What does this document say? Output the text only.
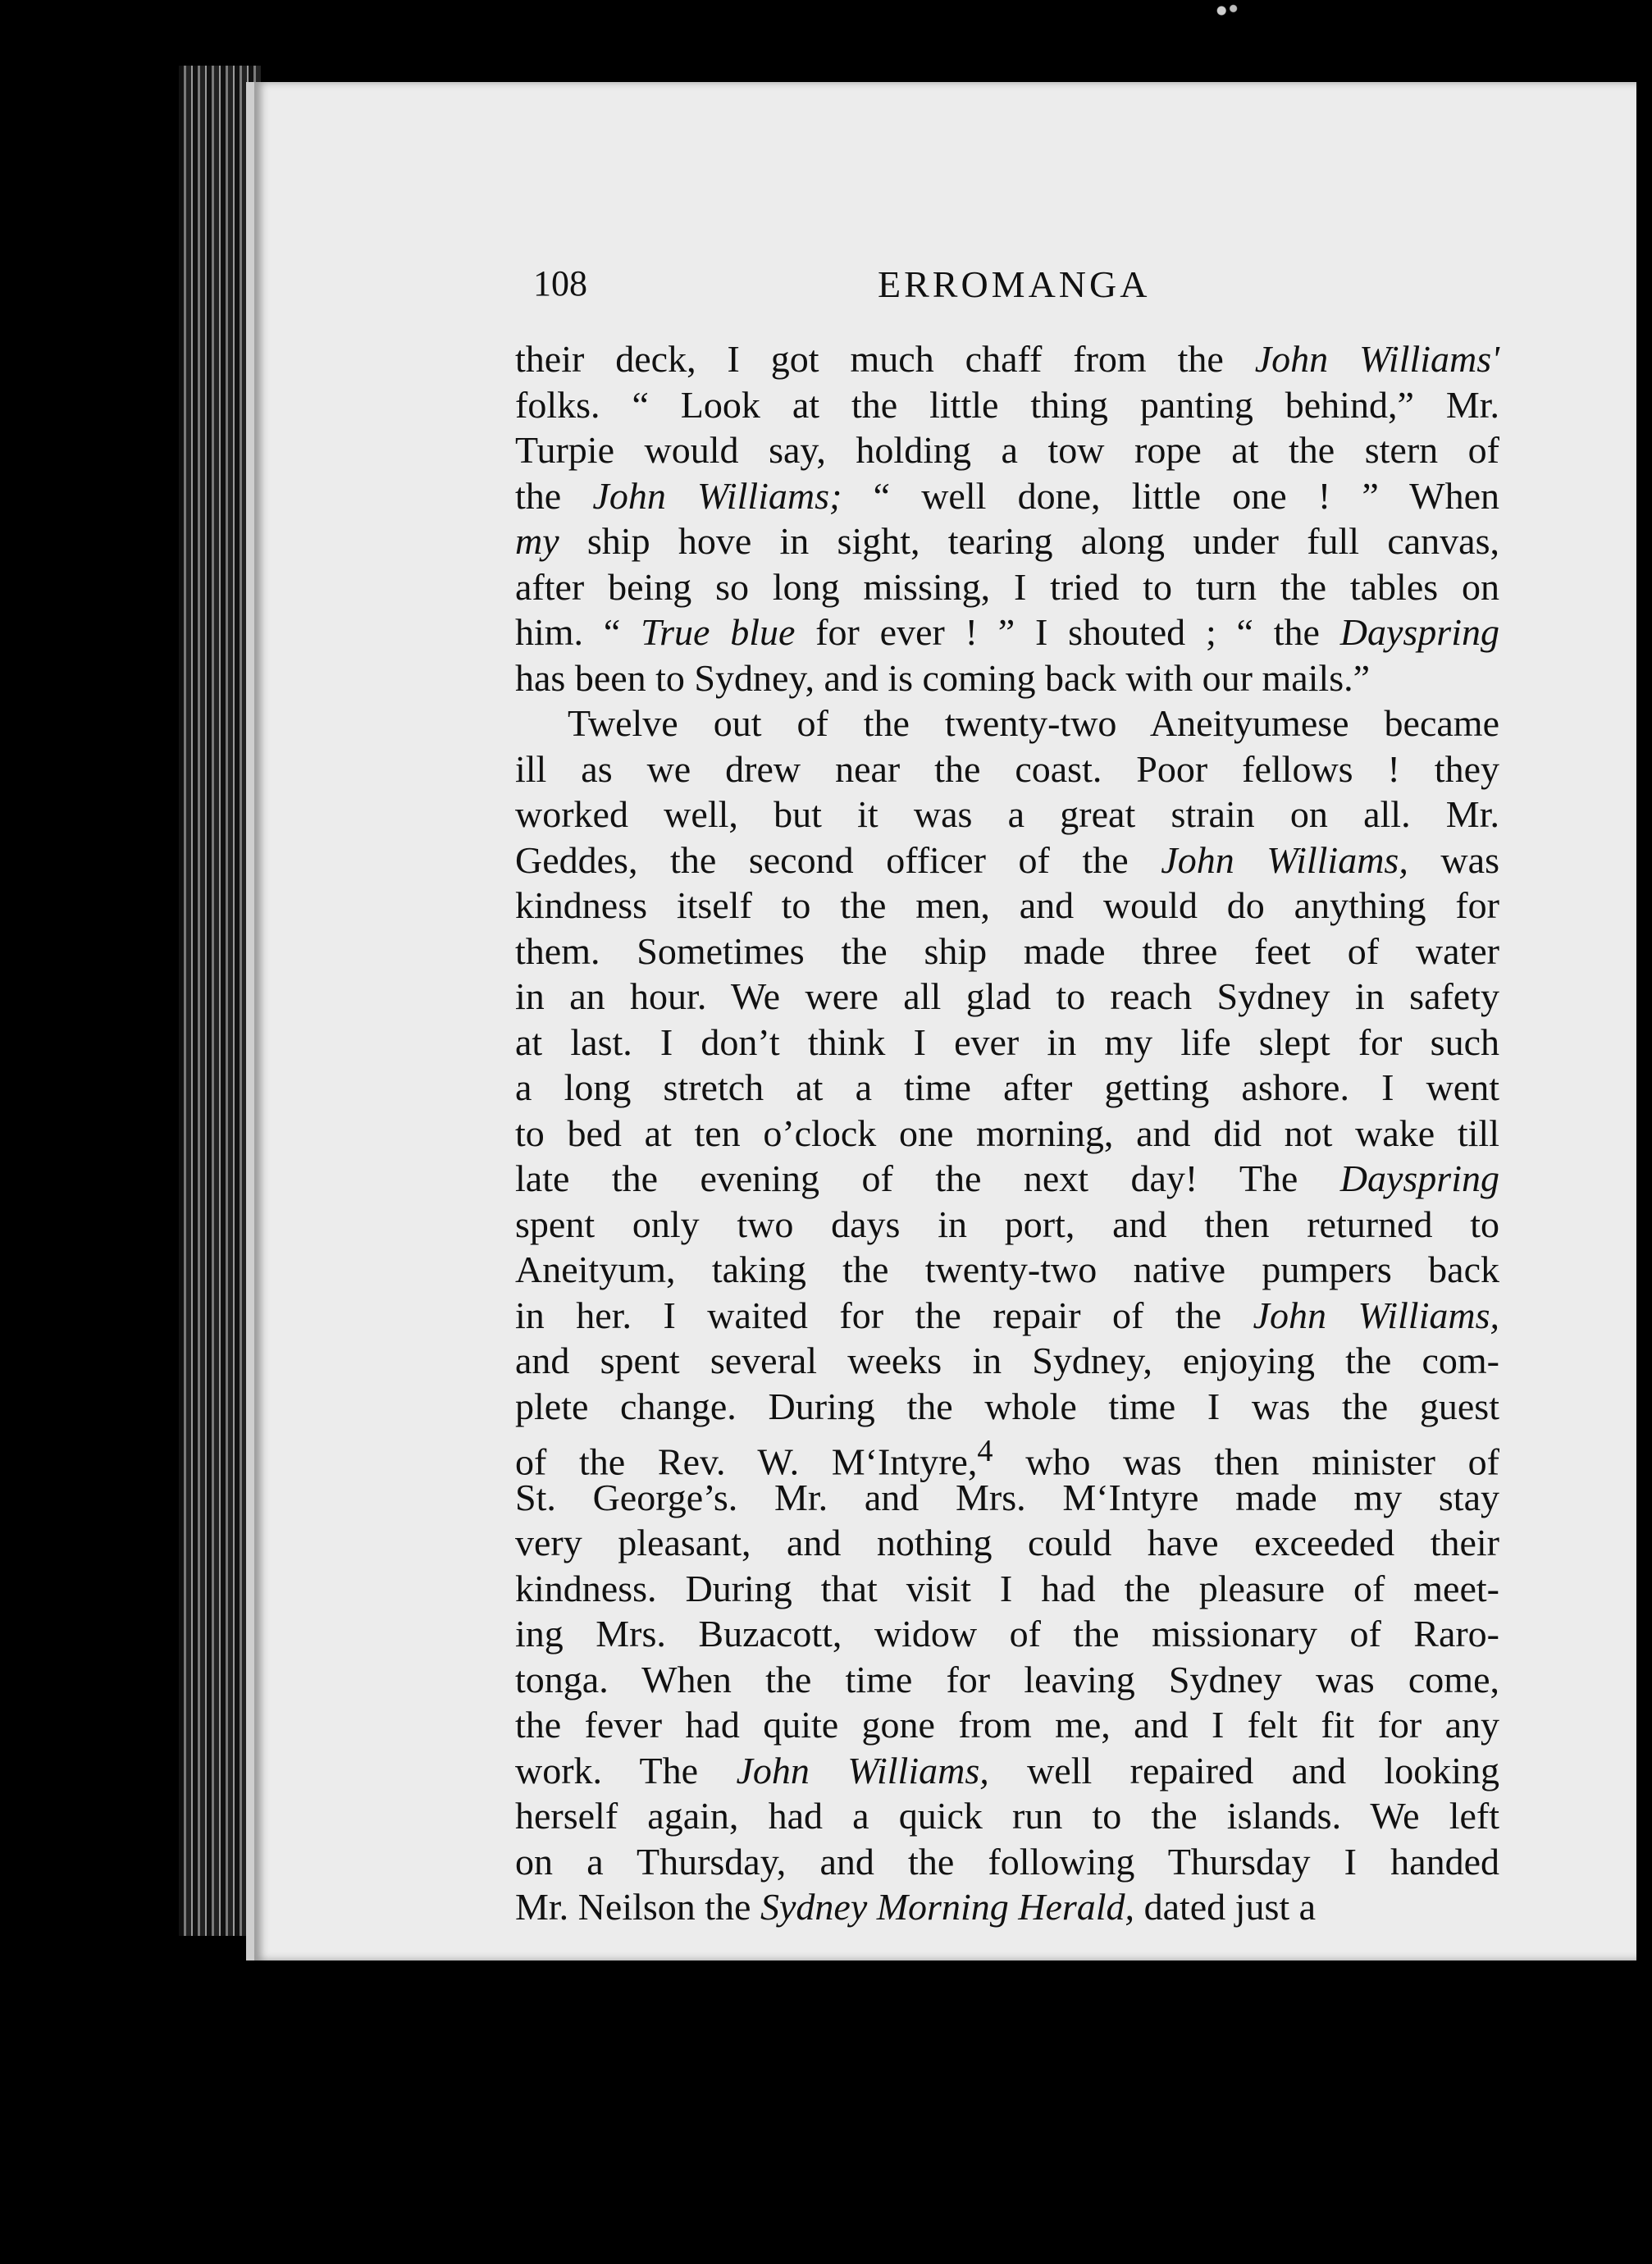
108	ERROMANGA
their deck, I got much chaff from the John Williams'
folks. “ Look at the little thing panting behind,” Mr.
Turpie would say, holding a tow rope at the stern of
the John Williams; “ well done, little one ! ” When
my ship hove in sight, tearing along under full canvas,
after being so long missing, I tried to turn the tables on
him. “ True blue for ever ! ” I shouted ; “ the Dayspring
has been to Sydney, and is coming back with our mails.”
Twelve out of the twenty-two Aneityumese became
ill as we drew near the coast. Poor fellows ! they
worked well, but it was a great strain on all. Mr.
Geddes, the second officer of the John Williams, was
kindness itself to the men, and would do anything for
them. Sometimes the ship made three feet of water
in an hour. We were all glad to reach Sydney in safety
at last. I don’t think I ever in my life slept for such
a long stretch at a time after getting ashore. I went
to bed at ten o’clock one morning, and did not wake till
late the evening of the next day! The Dayspring
spent only two days in port, and then returned to
Aneityum, taking the twenty-two native pumpers back
in her. I waited for the repair of the John Williams,
and spent several weeks in Sydney, enjoying the com-
plete change. During the whole time I was the guest
of the Rev. W. M‘Intyre,$^4$ who was then minister of
St. George’s. Mr. and Mrs. M‘Intyre made my stay
very pleasant, and nothing could have exceeded their
kindness. During that visit I had the pleasure of meet-
ing Mrs. Buzacott, widow of the missionary of Raro-
tonga. When the time for leaving Sydney was come,
the fever had quite gone from me, and I felt fit for any
work. The John Williams, well repaired and looking
herself again, had a quick run to the islands. We left
on a Thursday, and the following Thursday I handed
Mr. Neilson the Sydney Morning Herald, dated just a
